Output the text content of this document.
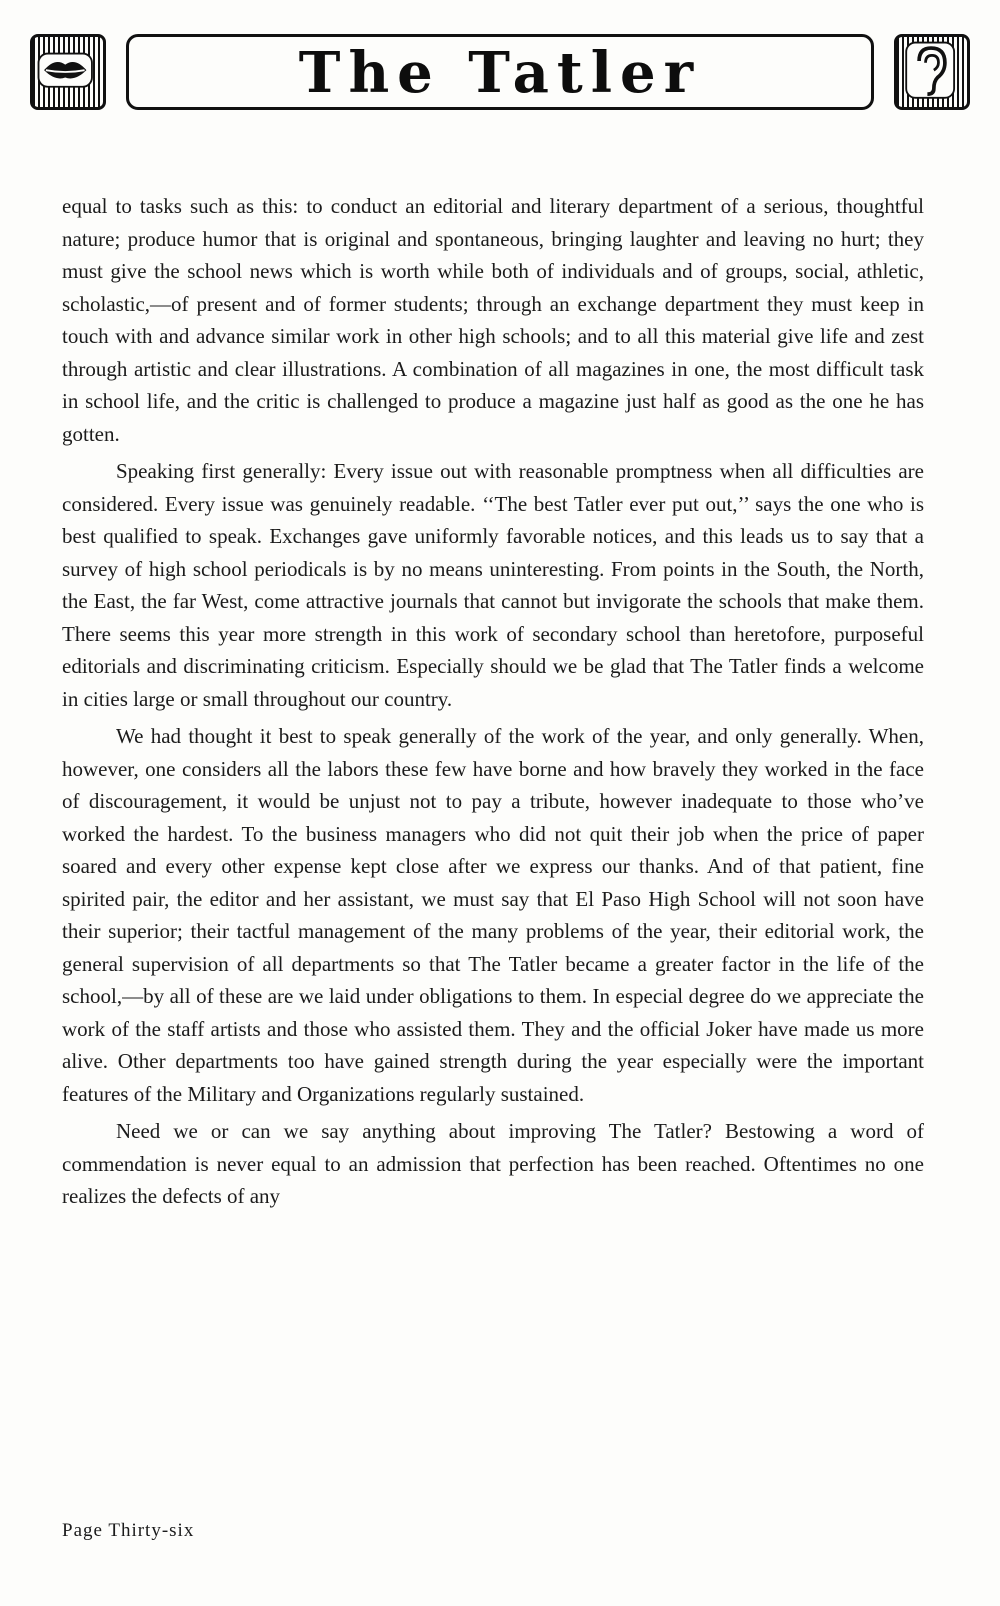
The Tatler

equal to tasks such as this: to conduct an editorial and literary department of a serious, thoughtful nature; produce humor that is original and spontaneous, bringing laughter and leaving no hurt; they must give the school news which is worth while both of individuals and of groups, social, athletic, scholastic,—of present and of former students; through an exchange department they must keep in touch with and advance similar work in other high schools; and to all this material give life and zest through artistic and clear illustrations. A combination of all magazines in one, the most difficult task in school life, and the critic is challenged to produce a magazine just half as good as the one he has gotten.

Speaking first generally: Every issue out with reasonable promptness when all difficulties are considered. Every issue was genuinely readable. ‘‘The best Tatler ever put out,’’ says the one who is best qualified to speak. Exchanges gave uniformly favorable notices, and this leads us to say that a survey of high school periodicals is by no means uninteresting. From points in the South, the North, the East, the far West, come attractive journals that cannot but invigorate the schools that make them. There seems this year more strength in this work of secondary school than heretofore, purposeful editorials and discriminating criticism. Especially should we be glad that The Tatler finds a welcome in cities large or small throughout our country.

We had thought it best to speak generally of the work of the year, and only generally. When, however, one considers all the labors these few have borne and how bravely they worked in the face of discouragement, it would be unjust not to pay a tribute, however inadequate to those who’ve worked the hardest. To the business managers who did not quit their job when the price of paper soared and every other expense kept close after we express our thanks. And of that patient, fine spirited pair, the editor and her assistant, we must say that El Paso High School will not soon have their superior; their tactful management of the many problems of the year, their editorial work, the general supervision of all departments so that The Tatler became a greater factor in the life of the school,—by all of these are we laid under obligations to them. In especial degree do we appreciate the work of the staff artists and those who assisted them. They and the official Joker have made us more alive. Other departments too have gained strength during the year especially were the important features of the Military and Organizations regularly sustained.

Need we or can we say anything about improving The Tatler? Bestowing a word of commendation is never equal to an admission that perfection has been reached. Oftentimes no one realizes the defects of any

Page Thirty-six
